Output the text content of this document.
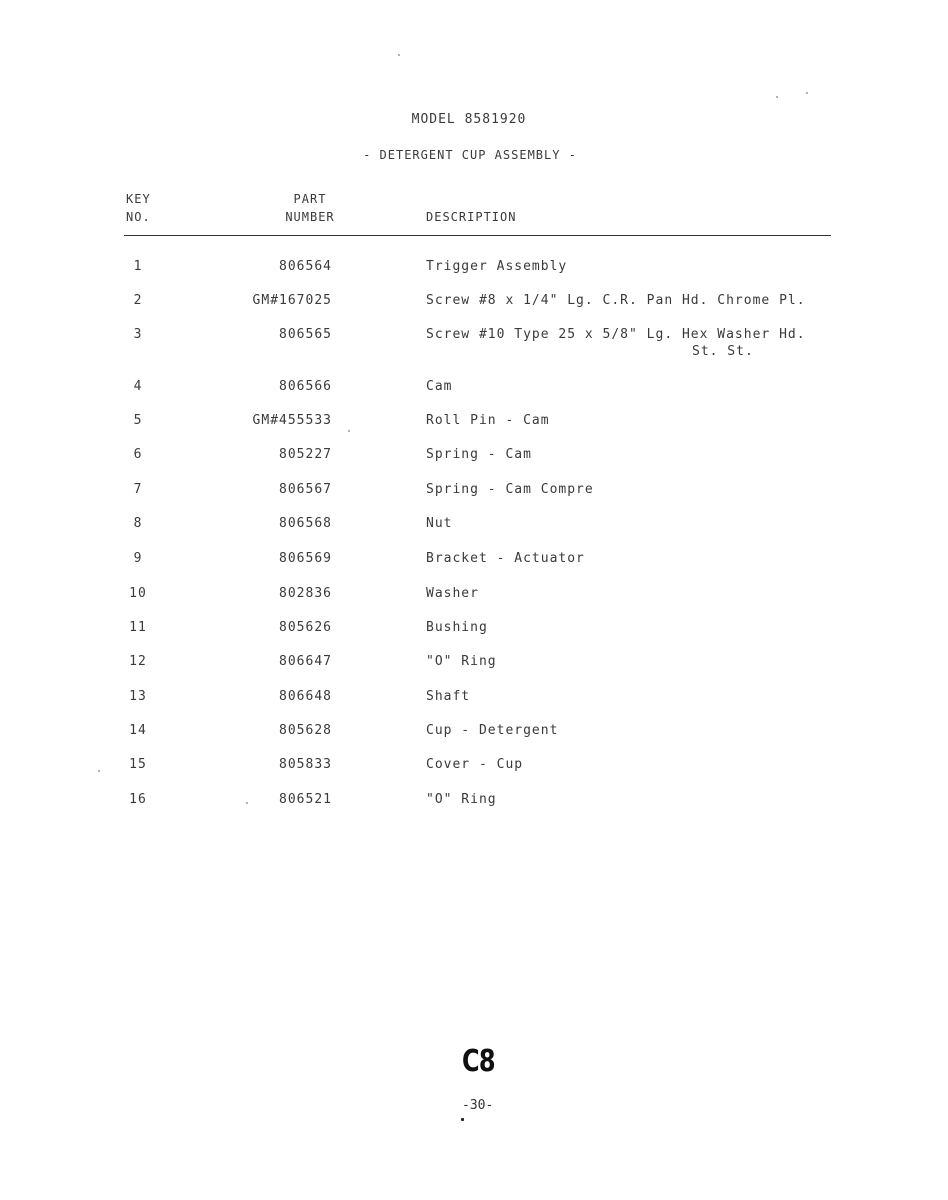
MODEL 8581920
- DETERGENT CUP ASSEMBLY -
KEY
NO.
PART
NUMBER	DESCRIPTION
1	806564	Trigger Assembly
2	GM#167025	Screw #8 x 1/4" Lg. C.R. Pan Hd. Chrome Pl.
3	806565	Screw #10 Type 25 x 5/8" Lg. Hex Washer Hd.
St. St.
4	806566	Cam
5	GM#455533	Roll Pin - Cam
6	805227	Spring - Cam
7	806567	Spring - Cam Compre
8	806568	Nut
9	806569	Bracket - Actuator
10	802836	Washer
11	805626	Bushing
12	806647	"O" Ring
13	806648	Shaft
14	805628	Cup - Detergent
15	805833	Cover - Cup
16	806521	"O" Ring
C8
-30-
